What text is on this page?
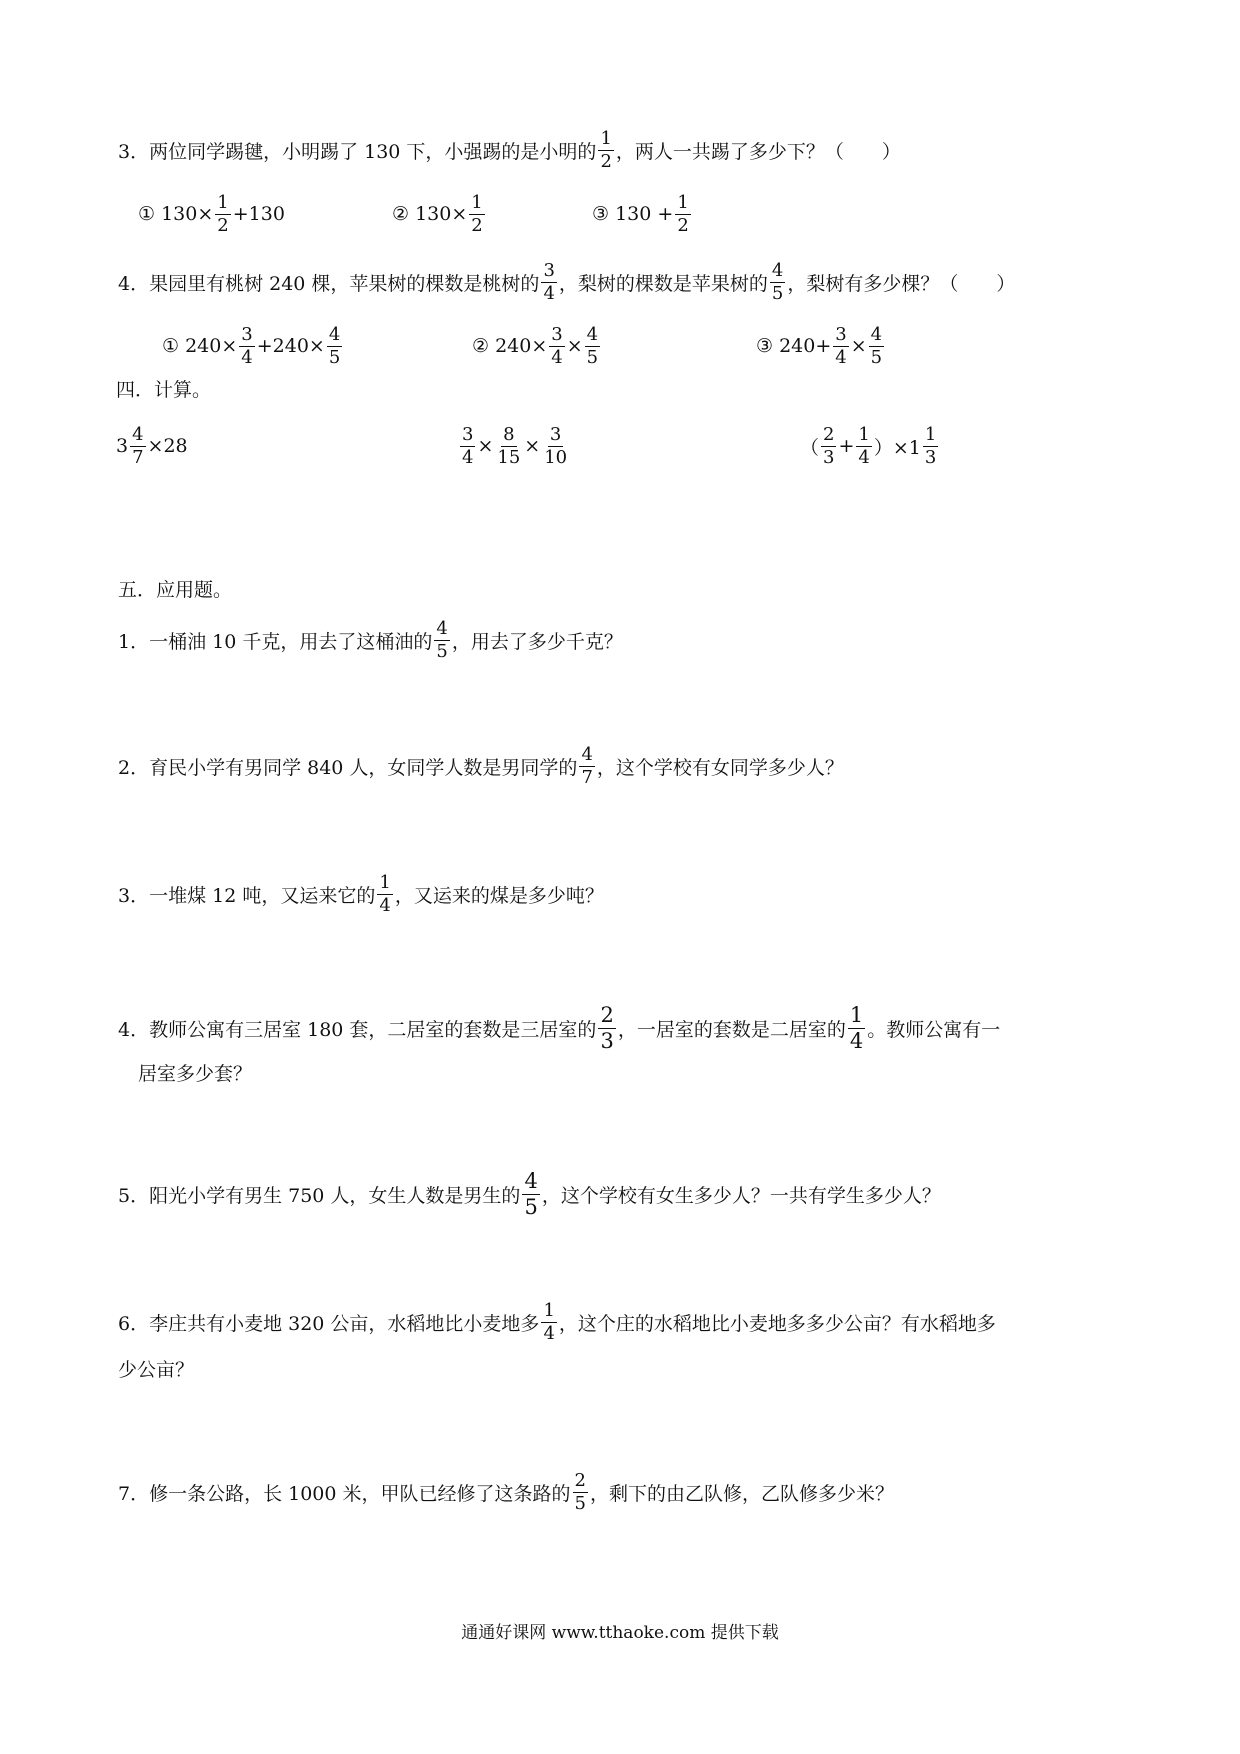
3．两位同学踢毽，小明踢了 130 下，小强踢的是小明的 $\frac{1}{2}$ ，两人一共踢了多少下？（　　）
① $130\times \frac{1}{2} +130$	② $130\times \frac{1}{2}$	③ $130 + \frac{1}{2}$
4．果园里有桃树 240 棵，苹果树的棵数是桃树的 $\frac{3}{4}$ ，梨树的棵数是苹果树的 $\frac{4}{5}$ ，梨树有多少棵？（　　）
① $240\times \frac{3}{4} +240\times \frac{4}{5}$	② $240\times \frac{3}{4} \times \frac{4}{5}$	③ $240+ \frac{3}{4} \times \frac{4}{5}$
四．计算。
$3 \frac{4}{7} \times 28$	$\frac{3}{4} \times \frac{8}{15} \times \frac{3}{10}$	（ $\frac{2}{3} + \frac{1}{4} )\times 1 \frac{1}{3}$
五．应用题。
1．一桶油 10 千克，用去了这桶油的 $\frac{4}{5}$ ，用去了多少千克？
2．育民小学有男同学 840 人，女同学人数是男同学的 $\frac{4}{7}$ ，这个学校有女同学多少人？
3．一堆煤 12 吨，又运来它的 $\frac{1}{4}$ ，又运来的煤是多少吨？
4．教师公寓有三居室 180 套，二居室的套数是三居室的 $\frac{2}{3}$ ，一居室的套数是二居室的 $\frac{1}{4}$ 。教师公寓有一
居室多少套？
5．阳光小学有男生 750 人，女生人数是男生的 $\frac{4}{5}$ ，这个学校有女生多少人？一共有学生多少人？
6．李庄共有小麦地 320 公亩，水稻地比小麦地多 $\frac{1}{4}$ ，这个庄的水稻地比小麦地多多少公亩？有水稻地多
少公亩？
7．修一条公路，长 1000 米，甲队已经修了这条路的 $\frac{2}{5}$ ，剩下的由乙队修，乙队修多少米？
通通好课网 www.tthaoke.com 提供下载
